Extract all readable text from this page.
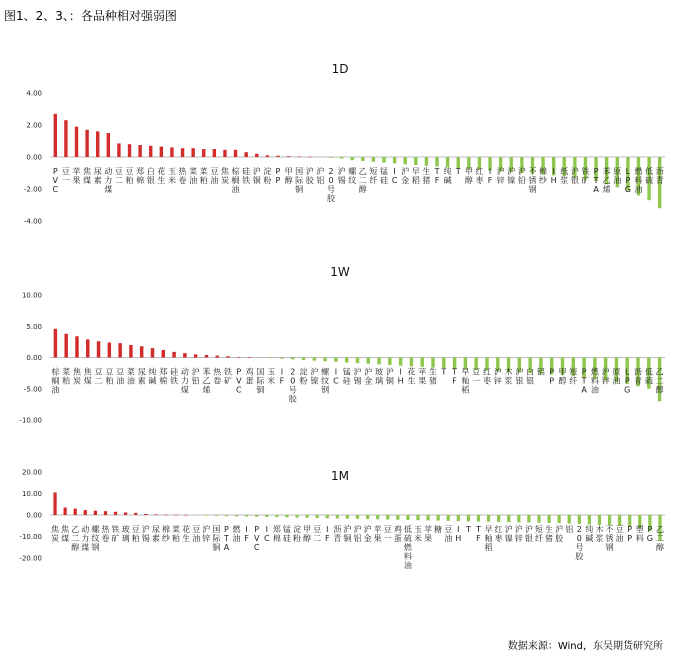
图1、2、3、：各品种相对强弱图
1D
4.00
2.00
0.00
-2.00
-4.00
P V C
豆一
苹果
焦煤
尿素
动力煤
豆二
豆粕
郑棉
白银
花生
玉米
热卷
菜油
菜粕
豆油
焦炭
棕榈油
硅铁
沪铜
淀粉
P P
甲醇
国际铜
沪胶
沪铝
2 0 号胶
沪锡
螺纹
乙二醇
短纤
锰硅
I C
沪金
早稻
生猪
T F
纯碱
T 甲醇
红枣
I F
沪锌
沪镍
沪铅
不锈钢
棉纱
I H
纸浆
沪银
铁矿
P T A
苯乙烯
原油
L P G
燃料油
低硫
沥青
1W
10.00
5.00
0.00
-5.00
-10.00
棕榈油
菜粕
焦炭
焦煤
豆二
豆粕
豆油
菜油
尿素
纯碱
郑棉
硅铁
动力煤
沪铅
苯乙烯
热卷
铁矿
P V C
鸡蛋
国际铜
玉米
I F
2 0 号胶
淀粉
沪镍
螺纹钢
I C
锰硅
沪锡
沪金
玻璃
沪铜
I H
花生
苹果
生猪
T T F
早籼稻
豆一
红枣
沪锌
木浆
沪银
白银
铝 P P
甲醇
短纤
P T A
燃料油
沪锌
原油
L P G
沥青
低硫
乙二醇
1M
20.00
10.00
0.00
-10.00
-20.00
焦炭
焦煤
乙二醇
动力煤
螺纹钢
热卷
铁矿
玻璃
豆粕
沪锡
尿素
棉纱
菜粕
花生
豆油
沪锌
国际铜
P T A
燃油
I F
P V C
I C
郑棉
锰硅
淀粉
甲醇
豆二
I F
沥青
沪铜
沪铝
沪金
苹果
豆一
鸡蛋
低硫燃料油
玉米
苹果
糖 豆油
I H
T T F
早籼稻
红枣
沪镍
沪锌
沪银
短纤
生猪
沪胶
铝 2 0 号胶
纯碱
木浆
不锈钢
豆油
P P
塑料
P G
乙二醇
数据来源：Wind，东吴期货研究所
